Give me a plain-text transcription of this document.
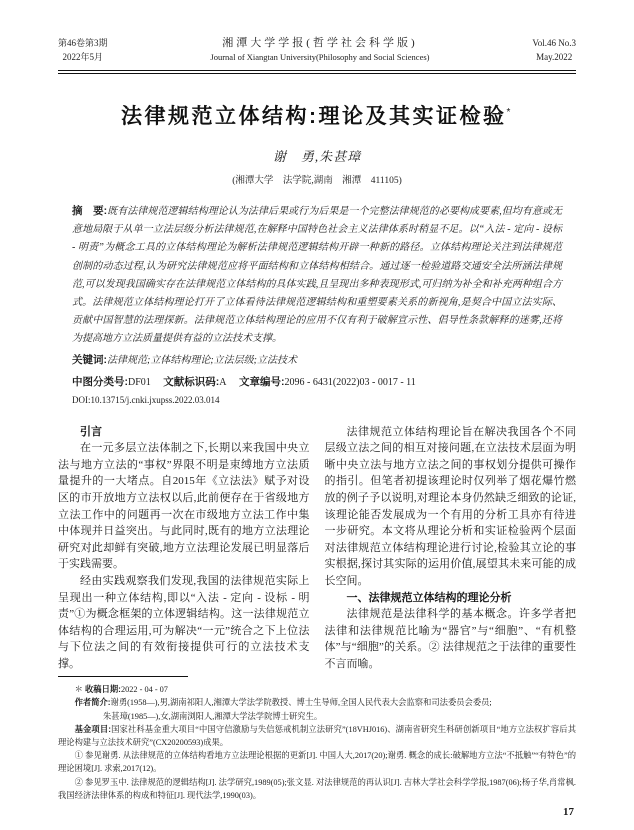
第46卷第3期
2022年5月
湘潭大学学报(哲学社会科学版)
Journal of Xiangtan University(Philosophy and Social Sciences)
Vol.46 No.3
May.2022
法律规范立体结构:理论及其实证检验*
谢　勇,朱甚璋
(湘潭大学　法学院,湖南　湘潭　411105)
摘　要:既有法律规范逻辑结构理论认为法律后果或行为后果是一个完整法律规范的必要构成要素,但均有意或无意地局限于从单一立法层级分析法律规范,在解释中国特色社会主义法律体系时稍显不足。以“入法 - 定向 - 设标 - 明责”为概念工具的立体结构理论为解析法律规范逻辑结构开辟一种新的路径。立体结构理论关注到法律规范创制的动态过程,认为研究法律规范应将平面结构和立体结构相结合。通过逐一检验道路交通安全法所涵法律规范,可以发现我国确实存在法律规范立体结构的具体实践,且呈现出多种表现形式,可归纳为补全和补充两种组合方式。法律规范立体结构理论打开了立体看待法律规范逻辑结构和重塑要素关系的新视角,是契合中国立法实际、贡献中国智慧的法理探新。法律规范立体结构理论的应用不仅有利于破解宣示性、倡导性条款解释的迷雾,还将为提高地方立法质量提供有益的立法技术支撑。
关键词:法律规范;立体结构理论;立法层级;立法技术
中图分类号:DF01 文献标识码:A 文章编号:2096 - 6431(2022)03 - 0017 - 11
DOI:10.13715/j.cnki.jxupss.2022.03.014
引言

在一元多层立法体制之下,长期以来我国中央立法与地方立法的“事权”界限不明是束缚地方立法质量提升的一大堵点。自2015年《立法法》赋予对设区的市开放地方立法权以后,此前便存在于省级地方立法工作中的问题再一次在市级地方立法工作中集中体现并日益突出。与此同时,既有的地方立法理论研究对此却鲜有突破,地方立法理论发展已明显落后于实践需要。

经由实践观察我们发现,我国的法律规范实际上呈现出一种立体结构,即以“入法 - 定向 - 设标 - 明责”①为概念框架的立体逻辑结构。这一法律规范立体结构的合理运用,可为解决“一元”统合之下上位法与下位法之间的有效衔接提供可行的立法技术支撑。

法律规范立体结构理论旨在解决我国各个不同层级立法之间的相互对接问题,在立法技术层面为明晰中央立法与地方立法之间的事权划分提供可操作的指引。但笔者初提该理论时仅列举了烟花爆竹燃放的例子予以说明,对理论本身仍然缺乏细致的论证,该理论能否发展成为一个有用的分析工具亦有待进一步研究。本文将从理论分析和实证检验两个层面对法律规范立体结构理论进行讨论,检验其立论的事实根据,探讨其实际的运用价值,展望其未来可能的成长空间。

一、法律规范立体结构的理论分析

法律规范是法律科学的基本概念。许多学者把法律和法律规范比喻为“器官”与“细胞”、“有机整体”与“细胞”的关系。② 法律规范之于法律的重要性不言而喻。

＊ 收稿日期:2022 - 04 - 07
作者简介:谢勇(1958—),男,湖南祁阳人,湘潭大学法学院教授、博士生导师,全国人民代表大会监察和司法委员会委员;
朱甚璋(1985—),女,湖南浏阳人,湘潭大学法学院博士研究生。
基金项目:国家社科基金重大项目“中国守信激励与失信惩戒机制立法研究”(18VHJ016)、湖南省研究生科研创新项目“地方立法权扩容后其理论构建与立法技术研究”(CX20200593)成果。
① 参见谢勇. 从法律规范的立体结构看地方立法理论根据的更新[J]. 中国人大,2017(20);谢勇. 概念的成长:破解地方立法“不抵触”“有特色”的理论困境[J]. 求索,2017(12)。
② 参见罗玉中. 法律规范的逻辑结构[J]. 法学研究,1989(05);张文显. 对法律规范的再认识[J]. 吉林大学社会科学学报,1987(06);杨子华,肖常枫. 我国经济法律体系的构成和特征[J]. 现代法学,1990(03)。
17
